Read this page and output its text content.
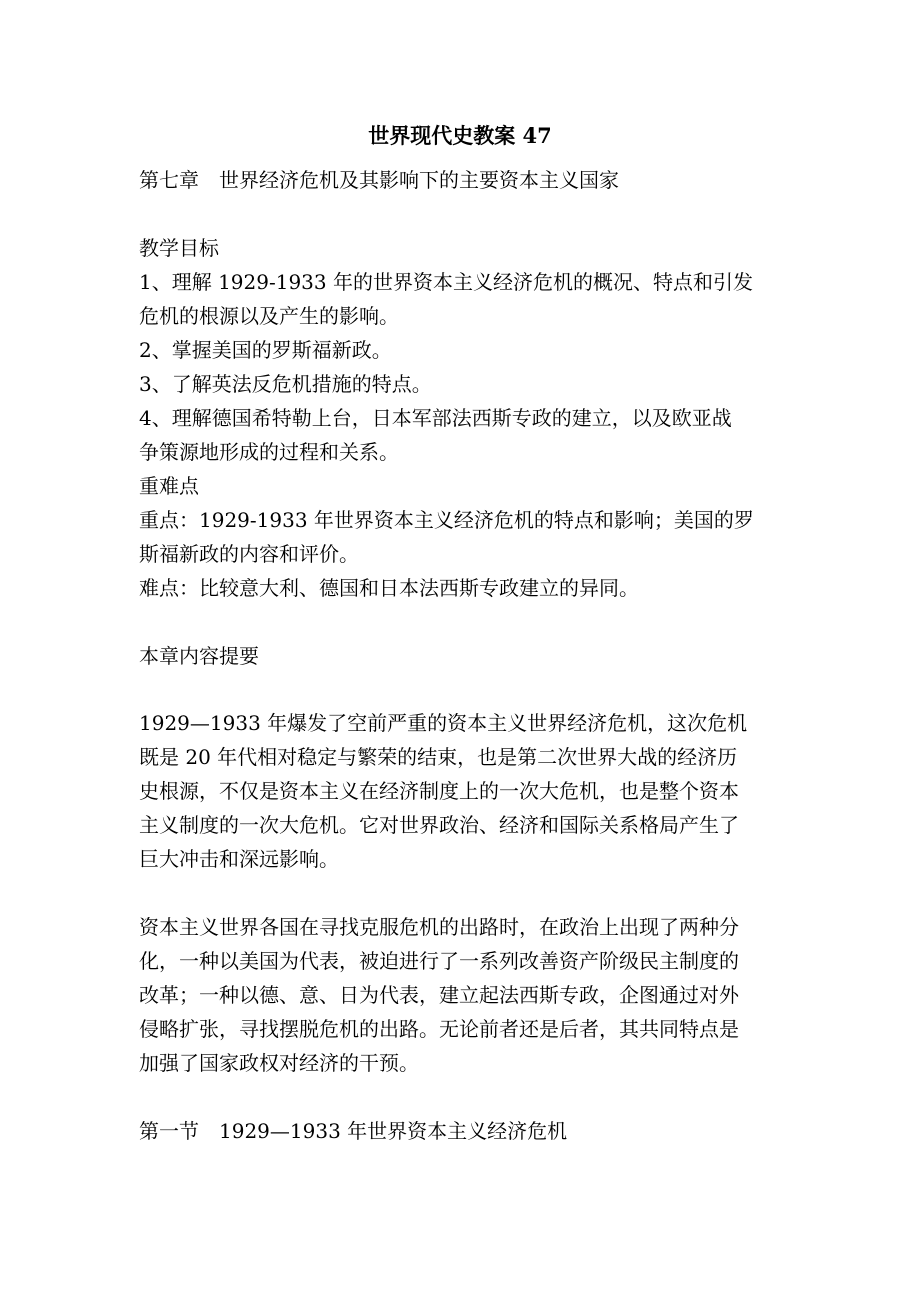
世界现代史教案 47
第七章　世界经济危机及其影响下的主要资本主义国家
教学目标
1、理解 1929-1933 年的世界资本主义经济危机的概况、特点和引发
危机的根源以及产生的影响。
2、掌握美国的罗斯福新政。
3、了解英法反危机措施的特点。
4、理解德国希特勒上台，日本军部法西斯专政的建立，以及欧亚战
争策源地形成的过程和关系。
重难点
重点：1929-1933 年世界资本主义经济危机的特点和影响；美国的罗
斯福新政的内容和评价。
难点：比较意大利、德国和日本法西斯专政建立的异同。
本章内容提要
1929—1933 年爆发了空前严重的资本主义世界经济危机，这次危机
既是 20 年代相对稳定与繁荣的结束，也是第二次世界大战的经济历
史根源，不仅是资本主义在经济制度上的一次大危机，也是整个资本
主义制度的一次大危机。它对世界政治、经济和国际关系格局产生了
巨大冲击和深远影响。
资本主义世界各国在寻找克服危机的出路时，在政治上出现了两种分
化，一种以美国为代表，被迫进行了一系列改善资产阶级民主制度的
改革；一种以德、意、日为代表，建立起法西斯专政，企图通过对外
侵略扩张，寻找摆脱危机的出路。无论前者还是后者，其共同特点是
加强了国家政权对经济的干预。
第一节　1929—1933 年世界资本主义经济危机
